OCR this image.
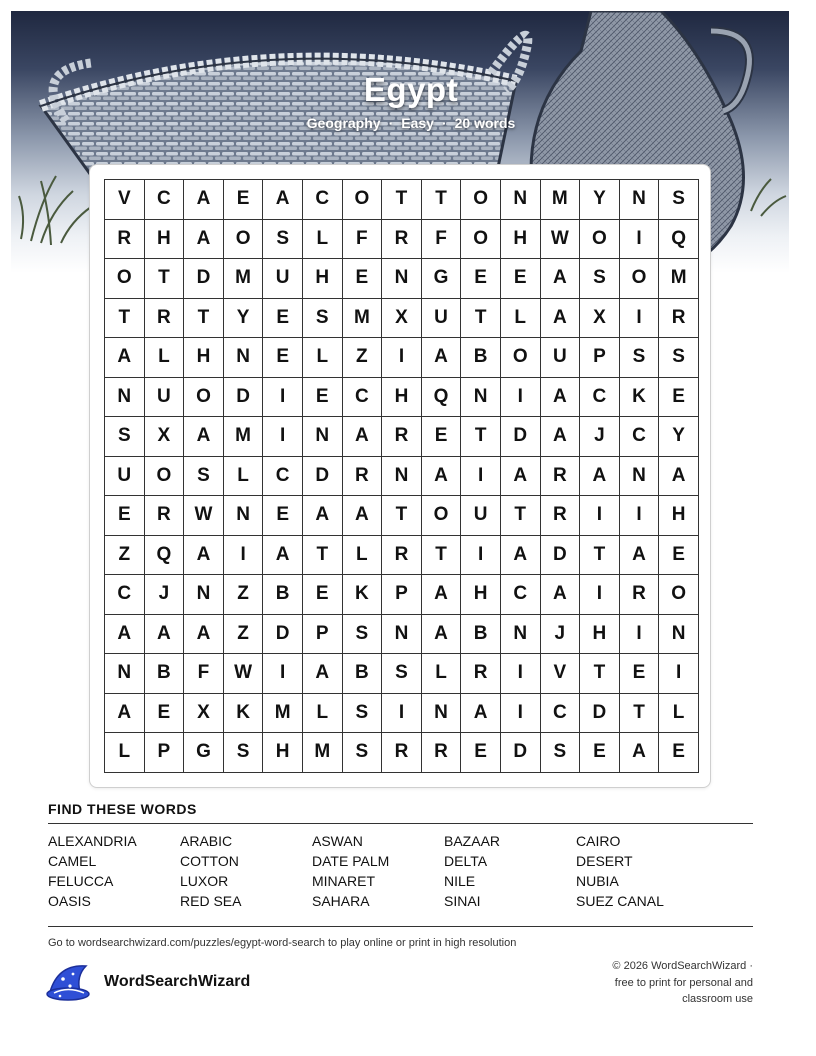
Egypt
Geography · Easy · 20 words
V	C	A	E	A	C	O	T	T	O	N	M	Y	N	S
R	H	A	O	S	L	F	R	F	O	H	W	O	I	Q
O	T	D	M	U	H	E	N	G	E	E	A	S	O	M
T	R	T	Y	E	S	M	X	U	T	L	A	X	I	R
A	L	H	N	E	L	Z	I	A	B	O	U	P	S	S
N	U	O	D	I	E	C	H	Q	N	I	A	C	K	E
S	X	A	M	I	N	A	R	E	T	D	A	J	C	Y
U	O	S	L	C	D	R	N	A	I	A	R	A	N	A
E	R	W	N	E	A	A	T	O	U	T	R	I	I	H
Z	Q	A	I	A	T	L	R	T	I	A	D	T	A	E
C	J	N	Z	B	E	K	P	A	H	C	A	I	R	O
A	A	A	Z	D	P	S	N	A	B	N	J	H	I	N
N	B	F	W	I	A	B	S	L	R	I	V	T	E	I
A	E	X	K	M	L	S	I	N	A	I	C	D	T	L
L	P	G	S	H	M	S	R	R	E	D	S	E	A	E
FIND THESE WORDS
ALEXANDRIA	ARABIC	ASWAN	BAZAAR	CAIRO
CAMEL	COTTON	DATE PALM	DELTA	DESERT
FELUCCA	LUXOR	MINARET	NILE	NUBIA
OASIS	RED SEA	SAHARA	SINAI	SUEZ CANAL
Go to wordsearchwizard.com/puzzles/egypt-word-search to play online or print in high resolution
WordSearchWizard
© 2026 WordSearchWizard ·
free to print for personal and
classroom use
